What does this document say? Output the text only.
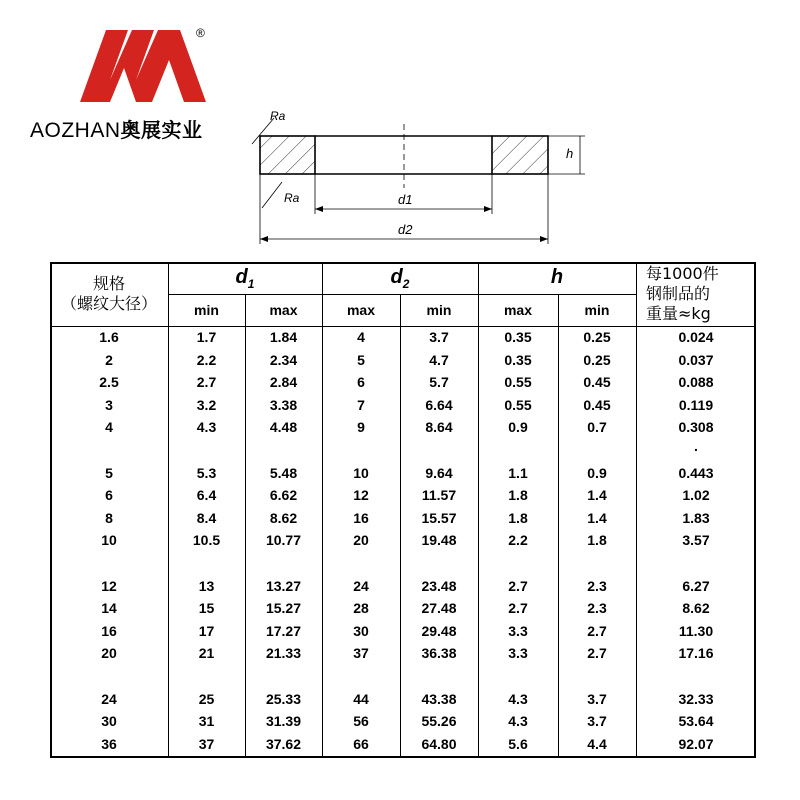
®
AOZHAN奥展实业
Ra
Ra
h
d1
d2
规格
（螺纹大径）
$d_1$	$d_2$	h	每1000件
钢制品的
重量≈kg
min	max	max	min	max	min
1.6	1.7	1.84	4	3.7	0.35	0.25	0.024
2	2.2	2.34	5	4.7	0.35	0.25	0.037
2.5	2.7	2.84	6	5.7	0.55	0.45	0.088
3	3.2	3.38	7	6.64	0.55	0.45	0.119
4	4.3	4.48	9	8.64	0.9	0.7	0.308
.
5	5.3	5.48	10	9.64	1.1	0.9	0.443
6	6.4	6.62	12	11.57	1.8	1.4	1.02
8	8.4	8.62	16	15.57	1.8	1.4	1.83
10	10.5	10.77	20	19.48	2.2	1.8	3.57
12	13	13.27	24	23.48	2.7	2.3	6.27
14	15	15.27	28	27.48	2.7	2.3	8.62
16	17	17.27	30	29.48	3.3	2.7	11.30
20	21	21.33	37	36.38	3.3	2.7	17.16
24	25	25.33	44	43.38	4.3	3.7	32.33
30	31	31.39	56	55.26	4.3	3.7	53.64
36	37	37.62	66	64.80	5.6	4.4	92.07
